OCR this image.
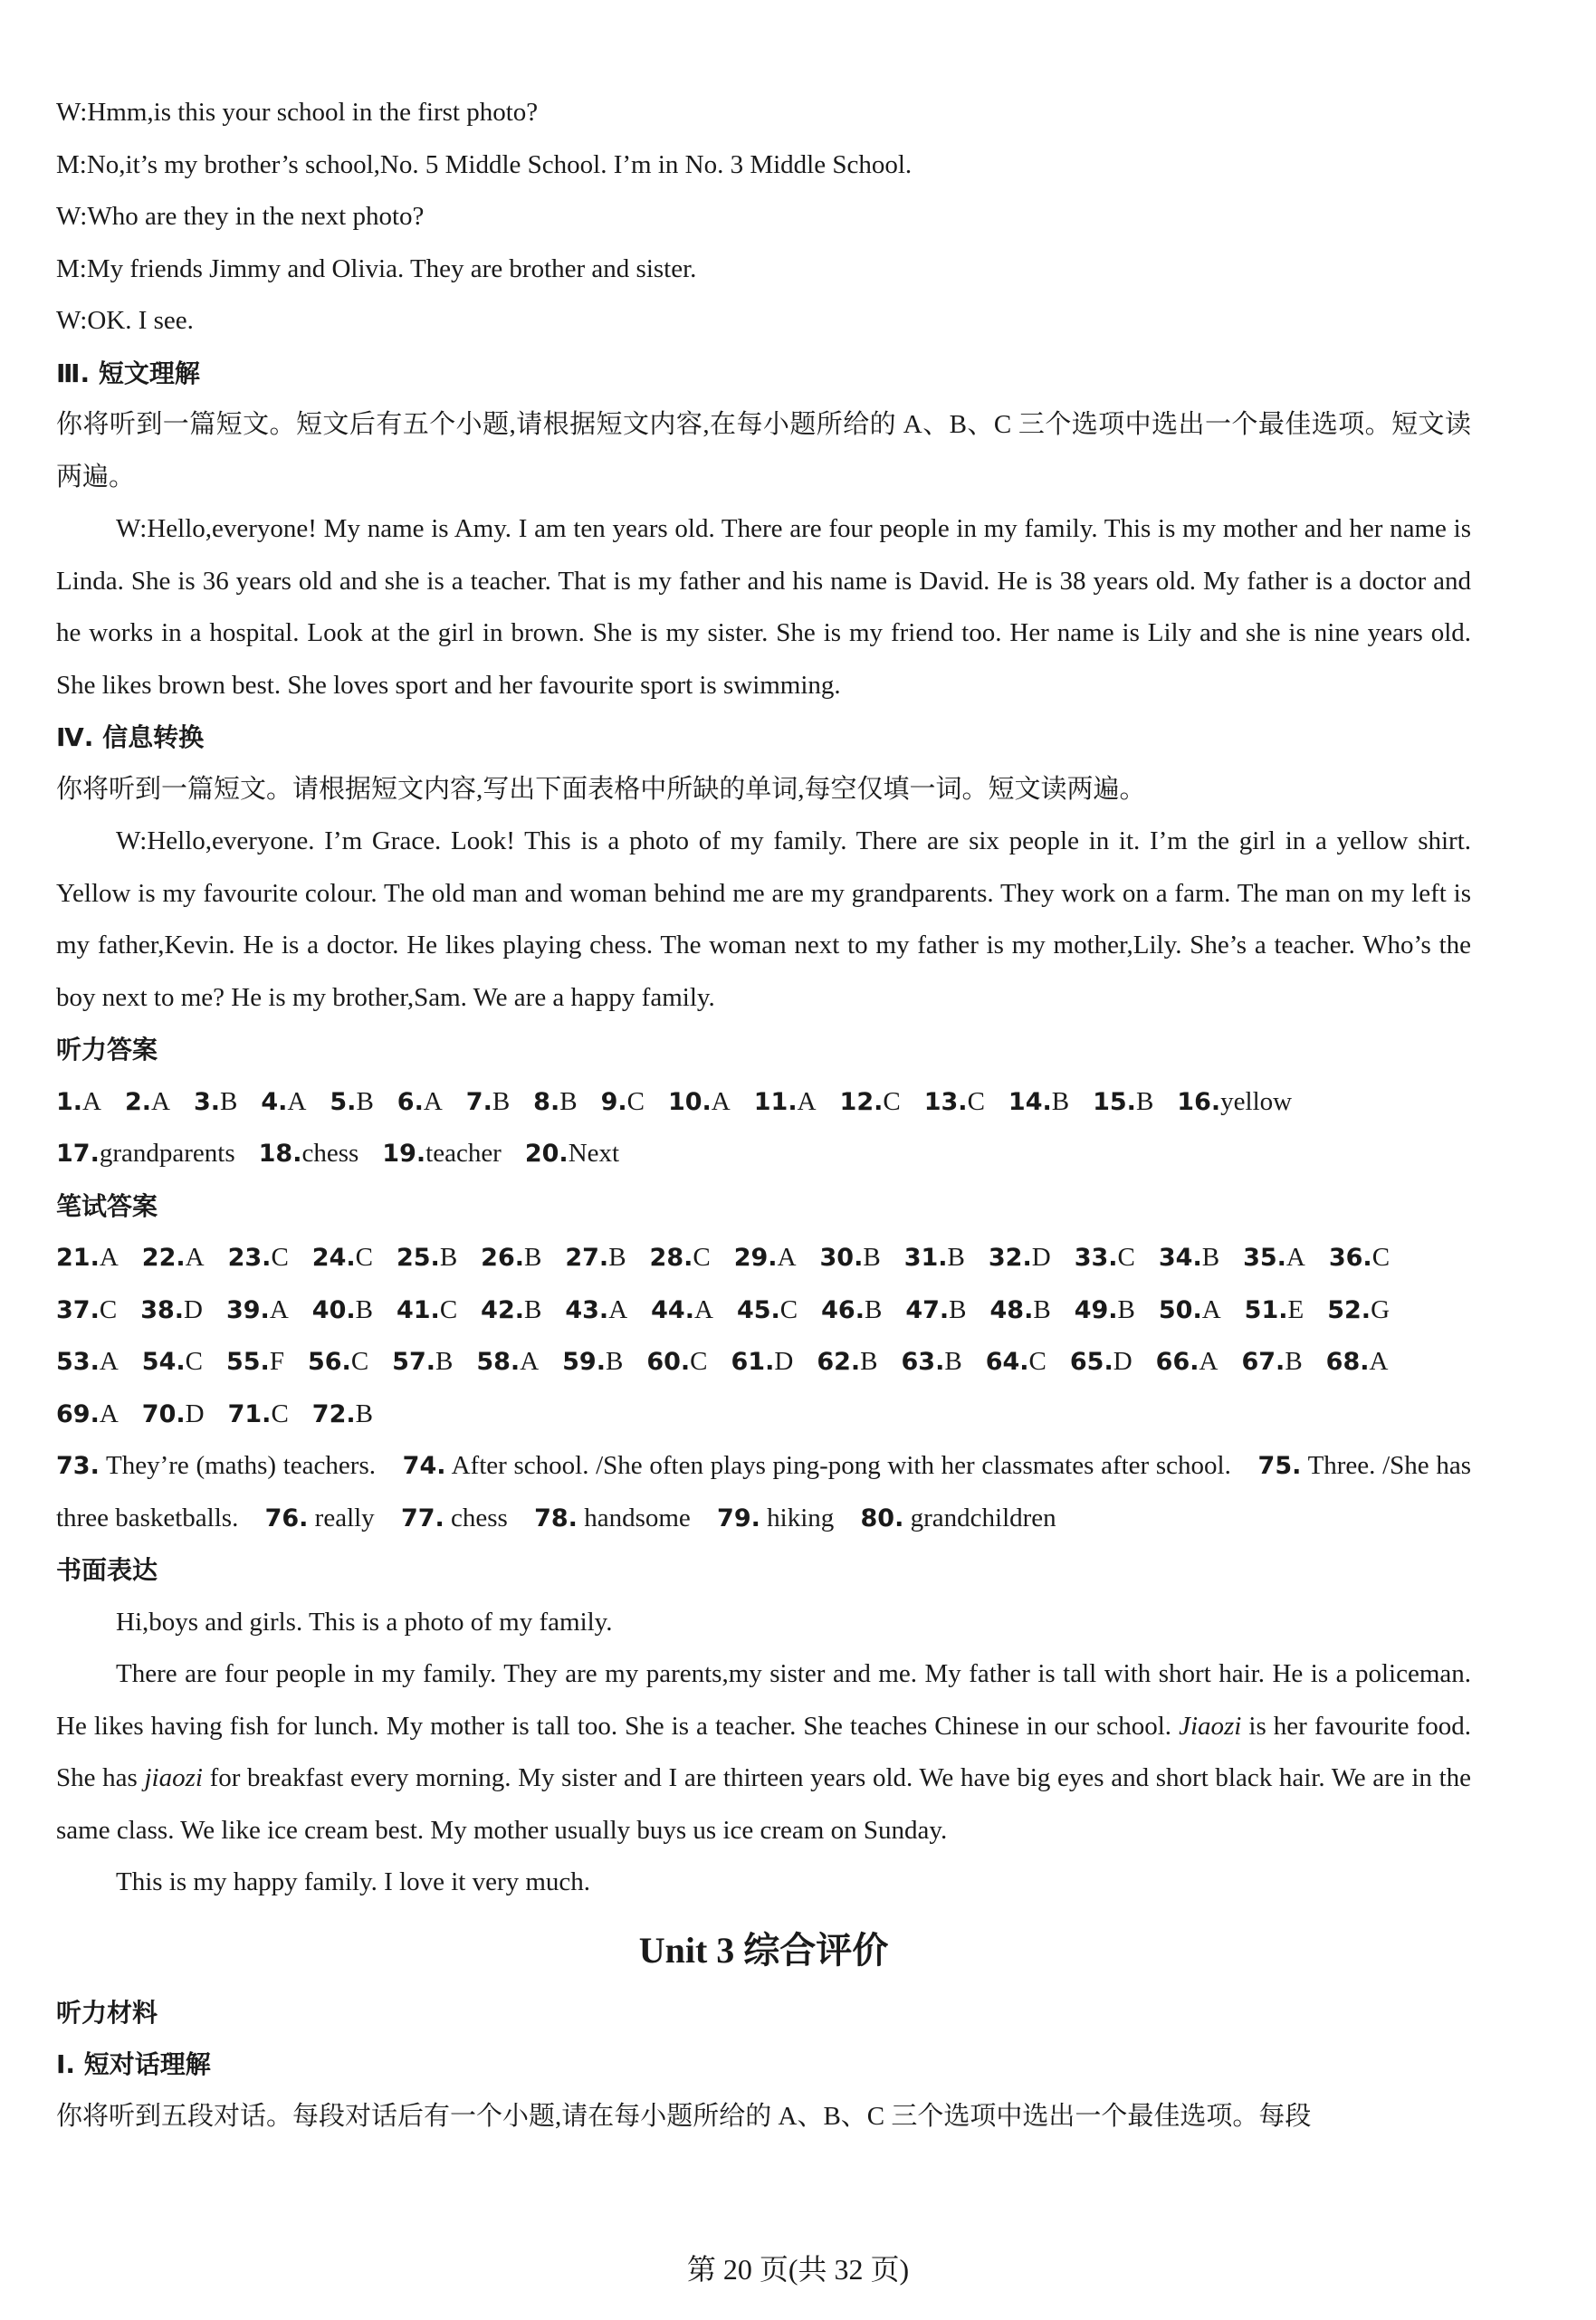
W:Hmm,is this your school in the first photo?
M:No,it’s my brother’s school,No. 5 Middle School. I’m in No. 3 Middle School.
W:Who are they in the next photo?
M:My friends Jimmy and Olivia. They are brother and sister.
W:OK. I see.
Ⅲ. 短文理解
你将听到一篇短文。短文后有五个小题,请根据短文内容,在每小题所给的 A、B、C 三个选项中选出一个最佳选项。短文读两遍。
W:Hello,everyone! My name is Amy. I am ten years old. There are four people in my family. This is my mother and her name is Linda. She is 36 years old and she is a teacher. That is my father and his name is David. He is 38 years old. My father is a doctor and he works in a hospital. Look at the girl in brown. She is my sister. She is my friend too. Her name is Lily and she is nine years old. She likes brown best. She loves sport and her favourite sport is swimming.
Ⅳ. 信息转换
你将听到一篇短文。请根据短文内容,写出下面表格中所缺的单词,每空仅填一词。短文读两遍。
W:Hello,everyone. I’m Grace. Look! This is a photo of my family. There are six people in it. I’m the girl in a yellow shirt. Yellow is my favourite colour. The old man and woman behind me are my grandparents. They work on a farm. The man on my left is my father,Kevin. He is a doctor. He likes playing chess. The woman next to my father is my mother,Lily. She’s a teacher. Who’s the boy next to me? He is my brother,Sam. We are a happy family.
听力答案
1.A 2.A 3.B 4.A 5.B 6.A 7.B 8.B 9.C 10.A 11.A 12.C 13.C 14.B 15.B 16.yellow
17.grandparents 18.chess 19.teacher 20.Next
笔试答案
21.A 22.A 23.C 24.C 25.B 26.B 27.B 28.C 29.A 30.B 31.B 32.D 33.C 34.B 35.A 36.C
37.C 38.D 39.A 40.B 41.C 42.B 43.A 44.A 45.C 46.B 47.B 48.B 49.B 50.A 51.E 52.G
53.A 54.C 55.F 56.C 57.B 58.A 59.B 60.C 61.D 62.B 63.B 64.C 65.D 66.A 67.B 68.A
69.A 70.D 71.C 72.B
73. They’re (maths) teachers. 74. After school. /She often plays ping-pong with her classmates after school. 75. Three. /She has three basketballs. 76. really 77. chess 78. handsome 79. hiking 80. grandchildren
书面表达
Hi,boys and girls. This is a photo of my family.
There are four people in my family. They are my parents,my sister and me. My father is tall with short hair. He is a policeman. He likes having fish for lunch. My mother is tall too. She is a teacher. She teaches Chinese in our school. Jiaozi is her favourite food. She has jiaozi for breakfast every morning. My sister and I are thirteen years old. We have big eyes and short black hair. We are in the same class. We like ice cream best. My mother usually buys us ice cream on Sunday.
This is my happy family. I love it very much.
Unit 3 综合评价
听力材料
Ⅰ. 短对话理解
你将听到五段对话。每段对话后有一个小题,请在每小题所给的 A、B、C 三个选项中选出一个最佳选项。每段
第 20 页(共 32 页)
